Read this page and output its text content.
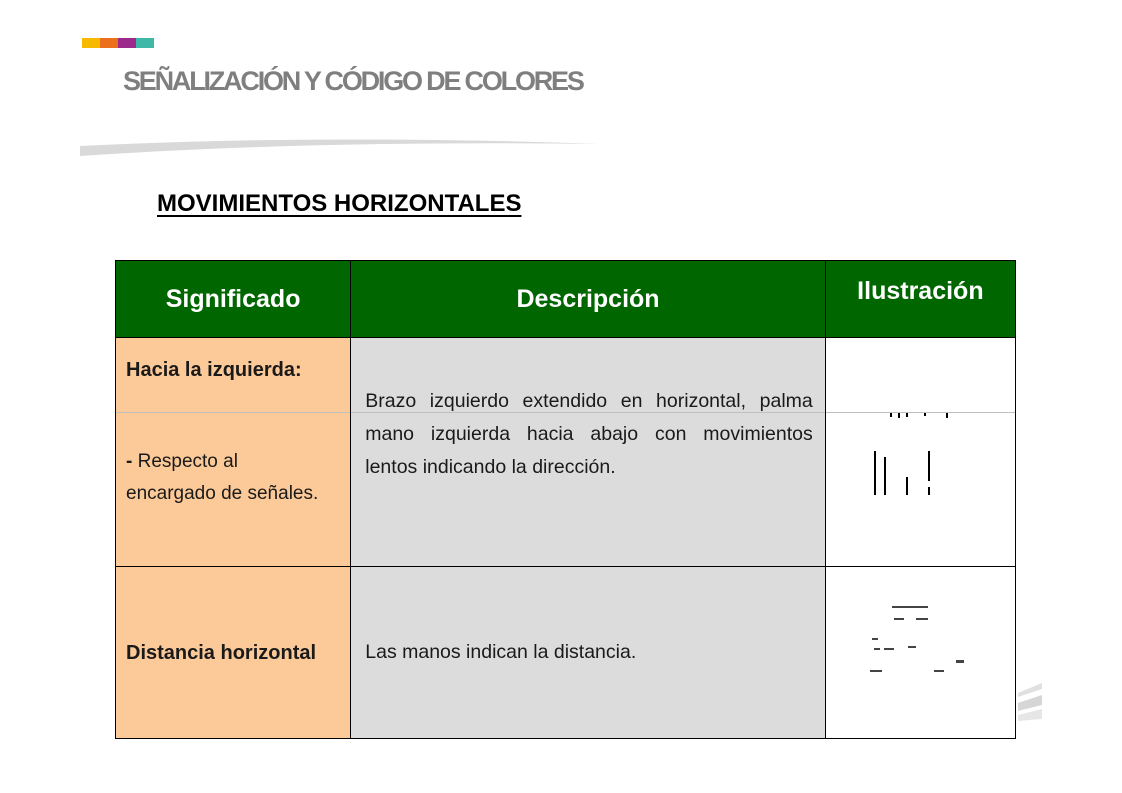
SEÑALIZACIÓN Y CÓDIGO DE COLORES
MOVIMIENTOS HORIZONTALES
Significado	Descripción	Ilustración

Hacia la izquierda:
- Respecto al encargado de señales.	Brazo izquierdo extendido en horizontal, palma mano izquierda hacia abajo con movimientos lentos indicando la dirección.

Distancia horizontal	Las manos indican la distancia.
